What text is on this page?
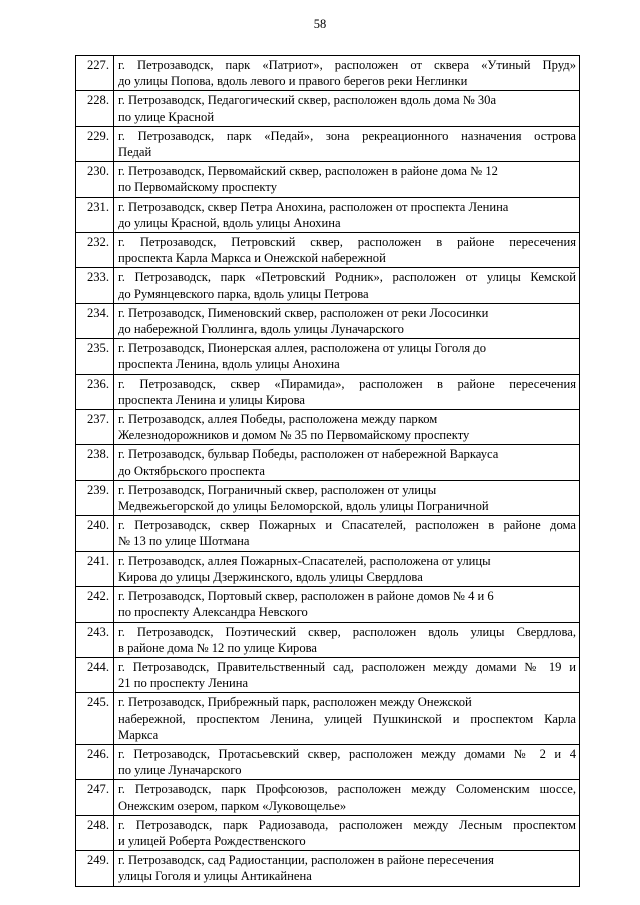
58
227.	г. Петрозаводск, парк «Патриот», расположен от сквера «Утиный Пруд»
до улицы Попова, вдоль левого и правого берегов реки Неглинки

228.	г. Петрозаводск, Педагогический сквер, расположен вдоль дома № 30а
по улице Красной

229.	г. Петрозаводск, парк «Педай», зона рекреационного назначения острова
Педай

230.	г. Петрозаводск, Первомайский сквер, расположен в районе дома № 12
по Первомайскому проспекту

231.	г. Петрозаводск, сквер Петра Анохина, расположен от проспекта Ленина
до улицы Красной, вдоль улицы Анохина

232.	г. Петрозаводск, Петровский сквер, расположен в районе пересечения
проспекта Карла Маркса и Онежской набережной

233.	г. Петрозаводск, парк «Петровский Родник», расположен от улицы Кемской
до Румянцевского парка, вдоль улицы Петрова

234.	г. Петрозаводск, Пименовский сквер, расположен от реки Лососинки
до набережной Гюллинга, вдоль улицы Луначарского

235.	г. Петрозаводск, Пионерская аллея, расположена от улицы Гоголя до
проспекта Ленина, вдоль улицы Анохина

236.	г. Петрозаводск, сквер «Пирамида», расположен в районе пересечения
проспекта Ленина и улицы Кирова

237.	г. Петрозаводск, аллея Победы, расположена между парком
Железнодорожников и домом № 35 по Первомайскому проспекту

238.	г. Петрозаводск, бульвар Победы, расположен от набережной Варкауса
до Октябрьского проспекта

239.	г. Петрозаводск, Пограничный сквер, расположен от улицы
Медвежьегорской до улицы Беломорской, вдоль улицы Пограничной

240.	г. Петрозаводск, сквер Пожарных и Спасателей, расположен в районе дома
№ 13 по улице Шотмана

241.	г. Петрозаводск, аллея Пожарных-Спасателей, расположена от улицы
Кирова до улицы Дзержинского, вдоль улицы Свердлова

242.	г. Петрозаводск, Портовый сквер, расположен в районе домов № 4 и 6
по проспекту Александра Невского

243.	г. Петрозаводск, Поэтический сквер, расположен вдоль улицы Свердлова,
в районе дома № 12 по улице Кирова

244.	г. Петрозаводск, Правительственный сад, расположен между домами № 19 и
21 по проспекту Ленина

245.	г. Петрозаводск, Прибрежный парк, расположен между Онежской
набережной, проспектом Ленина, улицей Пушкинской и проспектом Карла
Маркса

246.	г. Петрозаводск, Протасьевский сквер, расположен между домами № 2 и 4
по улице Луначарского

247.	г. Петрозаводск, парк Профсоюзов, расположен между Соломенским шоссе,
Онежским озером, парком «Луковощелье»

248.	г. Петрозаводск, парк Радиозавода, расположен между Лесным проспектом
и улицей Роберта Рождественского

249.	г. Петрозаводск, сад Радиостанции, расположен в районе пересечения
улицы Гоголя и улицы Антикайнена
